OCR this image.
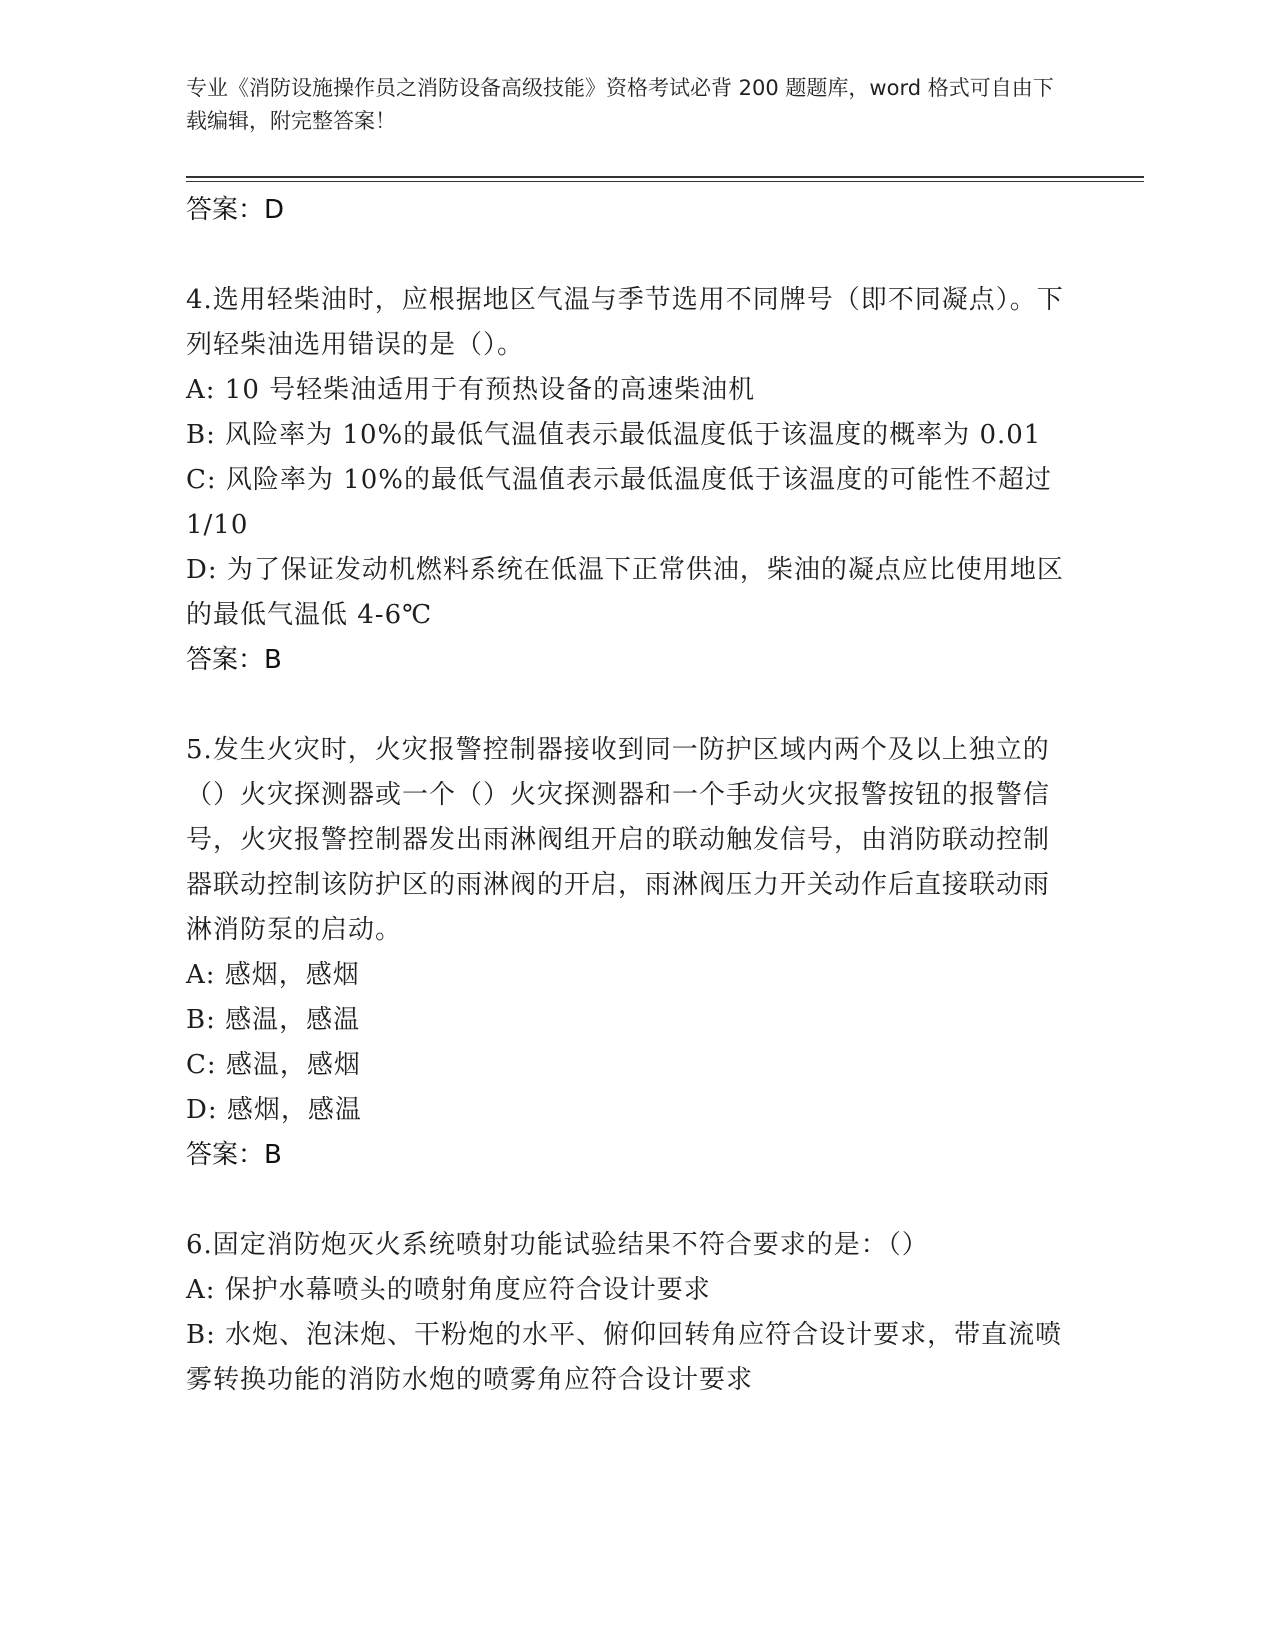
专业《消防设施操作员之消防设备高级技能》资格考试必背 200 题题库，word 格式可自由下载编辑，附完整答案！
答案：D
4.选用轻柴油时，应根据地区气温与季节选用不同牌号（即不同凝点）。下列轻柴油选用错误的是（）。
A: 10 号轻柴油适用于有预热设备的高速柴油机
B: 风险率为 10%的最低气温值表示最低温度低于该温度的概率为 0.01
C: 风险率为 10%的最低气温值表示最低温度低于该温度的可能性不超过 1/10
D: 为了保证发动机燃料系统在低温下正常供油，柴油的凝点应比使用地区的最低气温低 4-6℃
答案：B
5.发生火灾时，火灾报警控制器接收到同一防护区域内两个及以上独立的（）火灾探测器或一个（）火灾探测器和一个手动火灾报警按钮的报警信号，火灾报警控制器发出雨淋阀组开启的联动触发信号，由消防联动控制器联动控制该防护区的雨淋阀的开启，雨淋阀压力开关动作后直接联动雨淋消防泵的启动。
A: 感烟，感烟
B: 感温，感温
C: 感温，感烟
D: 感烟，感温
答案：B
6.固定消防炮灭火系统喷射功能试验结果不符合要求的是：（）
A: 保护水幕喷头的喷射角度应符合设计要求
B: 水炮、泡沫炮、干粉炮的水平、俯仰回转角应符合设计要求，带直流喷雾转换功能的消防水炮的喷雾角应符合设计要求
